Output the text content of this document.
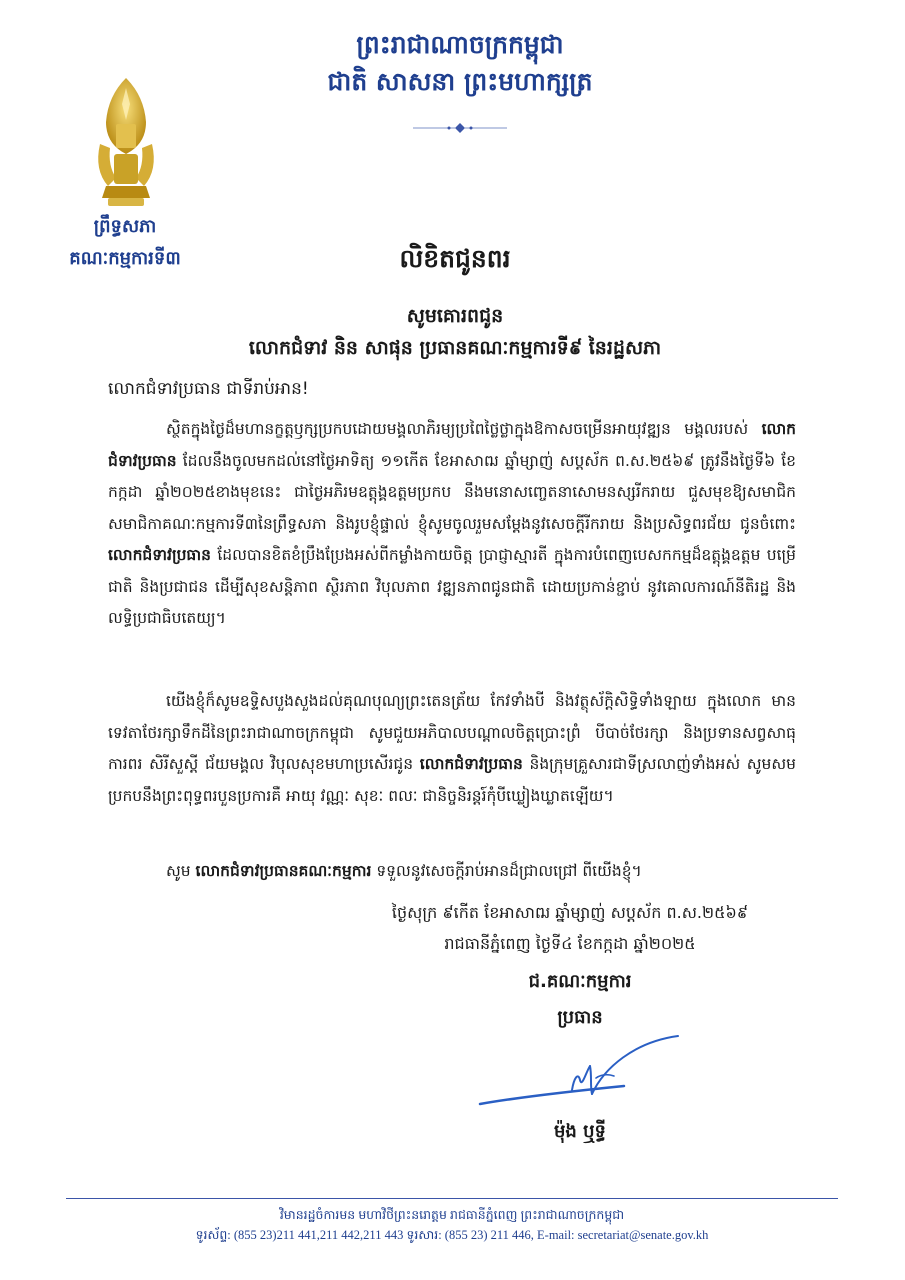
ព្រះរាជាណាចក្រកម្ពុជា
ជាតិ សាសនា ព្រះមហាក្សត្រ
ព្រឹទ្ធសភា
គណៈកម្មការទី៣	លិខិតជូនពរ
សូមគោរពជូន
លោកជំទាវ និន សាផុន ប្រធានគណៈកម្មការទី៩ នៃរដ្ឋសភា
លោកជំទាវប្រធាន ជាទីរាប់អាន!
ស្ថិតក្នុងថ្ងៃដ៏មហានក្ខត្តឫក្សប្រកបដោយមង្គលាភិរម្យប្រពៃថ្លៃថ្លាក្នុងឱកាសចម្រើនអាយុវឌ្ឍន មង្គលរបស់ លោកជំទាវប្រធាន ដែលនឹងចូលមកដល់នៅថ្ងៃអាទិត្យ ១១កើត ខែអាសាឍ ឆ្នាំម្សាញ់ សប្តស័ក ព.ស.២៥៦៩ ត្រូវនឹងថ្ងៃទី៦ ខែកក្កដា ឆ្នាំ២០២៥ខាងមុខនេះ ជាថ្ងៃអភិរមឧត្តុង្គឧត្តមប្រកប នឹងមនោសញ្ចេតនាសោមនស្សរីករាយ ជួសមុខឱ្យសមាជិក សមាជិកាគណៈកម្មការទី៣នៃព្រឹទ្ធសភា និងរូបខ្ញុំផ្ទាល់ ខ្ញុំសូមចូលរួមសម្តែងនូវសេចក្តីរីករាយ និងប្រសិទ្ធពរជ័យ ជូនចំពោះ លោកជំទាវប្រធាន ដែលបានខិតខំប្រឹងប្រែងអស់ពីកម្លាំងកាយចិត្ត ប្រាជ្ញាស្មារតី ក្នុងការបំពេញបេសកកម្មដ៏ឧត្តុង្គឧត្តម បម្រើជាតិ និងប្រជាជន ដើម្បីសុខសន្តិភាព ស្ថិរភាព វិបុលភាព វឌ្ឍនភាពជូនជាតិ ដោយប្រកាន់ខ្ជាប់ នូវគោលការណ៍នីតិរដ្ឋ និងលទ្ធិប្រជាធិបតេយ្យ។
យើងខ្ញុំក៏សូមឧទ្ទិសបួងសួងដល់គុណបុណ្យព្រះតេនត្រ័យ កែវទាំងបី និងវត្ថុស័ក្តិសិទ្ធិទាំងឡាយ ក្នុងលោក មានទេវតាថែរក្សាទឹកដីនៃព្រះរាជាណាចក្រកម្ពុជា សូមជួយអភិបាលបណ្តាលចិត្តប្រោះព្រំ បីបាច់ថែរក្សា និងប្រទានសព្វសាធុការពរ សិរីសួស្តី ជ័យមង្គល វិបុលសុខមហាប្រសើរជូន លោកជំទាវប្រធាន និងក្រុមគ្រួសារជាទីស្រលាញ់ទាំងអស់ សូមសមប្រកបនឹងព្រះពុទ្ធពរបួនប្រការគឺ អាយុ វណ្ណៈ សុខៈ ពលៈ ជានិច្ចនិរន្តរ៍កុំបីឃ្លៀងឃ្លាតឡើយ។
សូម លោកជំទាវប្រធានគណៈកម្មការ ទទួលនូវសេចក្តីរាប់អានដ៏ជ្រាលជ្រៅ ពីយើងខ្ញុំ។
ថ្ងៃសុក្រ ៩កើត ខែអាសាឍ ឆ្នាំម្សាញ់ សប្តស័ក ព.ស.២៥៦៩
រាជធានីភ្នំពេញ ថ្ងៃទី៤ ខែកក្កដា ឆ្នាំ២០២៥
ជ.គណៈកម្មការ
ប្រធាន
ម៉ុង ឬទ្ធី
វិមានរដ្ឋចំការមន មហាវិថីព្រះនរោត្តម រាជធានីភ្នំពេញ ព្រះរាជាណាចក្រកម្ពុជា
ទូរស័ព្ទ: (855 23)211 441,211 442,211 443 ទូរសារ: (855 23) 211 446, E-mail: secretariat@senate.gov.kh
